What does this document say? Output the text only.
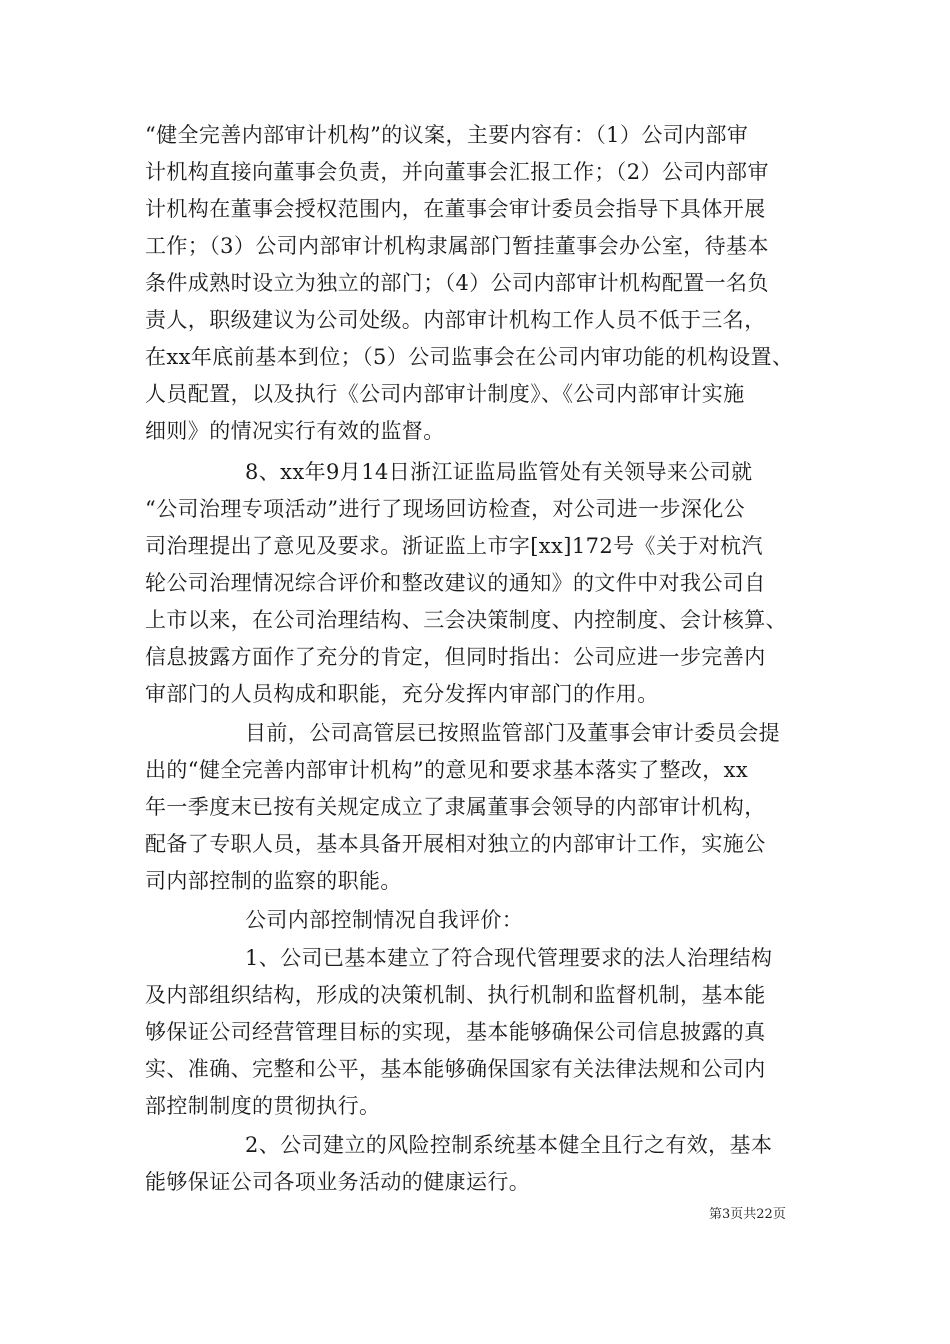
“健全完善内部审计机构”的议案，主要内容有：（1）公司内部审
计机构直接向董事会负责，并向董事会汇报工作；（2）公司内部审
计机构在董事会授权范围内，在董事会审计委员会指导下具体开展
工作；（3）公司内部审计机构隶属部门暂挂董事会办公室，待基本
条件成熟时设立为独立的部门；（4）公司内部审计机构配置一名负
责人，职级建议为公司处级。内部审计机构工作人员不低于三名，
在xx年底前基本到位；（5）公司监事会在公司内审功能的机构设置、
人员配置，以及执行《公司内部审计制度》、《公司内部审计实施
细则》的情况实行有效的监督。
8、xx年9月14日浙江证监局监管处有关领导来公司就
“公司治理专项活动”进行了现场回访检查，对公司进一步深化公
司治理提出了意见及要求。浙证监上市字[xx]172号《关于对杭汽
轮公司治理情况综合评价和整改建议的通知》的文件中对我公司自
上市以来，在公司治理结构、三会决策制度、内控制度、会计核算、
信息披露方面作了充分的肯定，但同时指出：公司应进一步完善内
审部门的人员构成和职能，充分发挥内审部门的作用。
目前，公司高管层已按照监管部门及董事会审计委员会提
出的“健全完善内部审计机构”的意见和要求基本落实了整改，xx
年一季度末已按有关规定成立了隶属董事会领导的内部审计机构，
配备了专职人员，基本具备开展相对独立的内部审计工作，实施公
司内部控制的监察的职能。
公司内部控制情况自我评价：
1、公司已基本建立了符合现代管理要求的法人治理结构
及内部组织结构，形成的决策机制、执行机制和监督机制，基本能
够保证公司经营管理目标的实现，基本能够确保公司信息披露的真
实、准确、完整和公平，基本能够确保国家有关法律法规和公司内
部控制制度的贯彻执行。
2、公司建立的风险控制系统基本健全且行之有效，基本
能够保证公司各项业务活动的健康运行。
第3页共22页
